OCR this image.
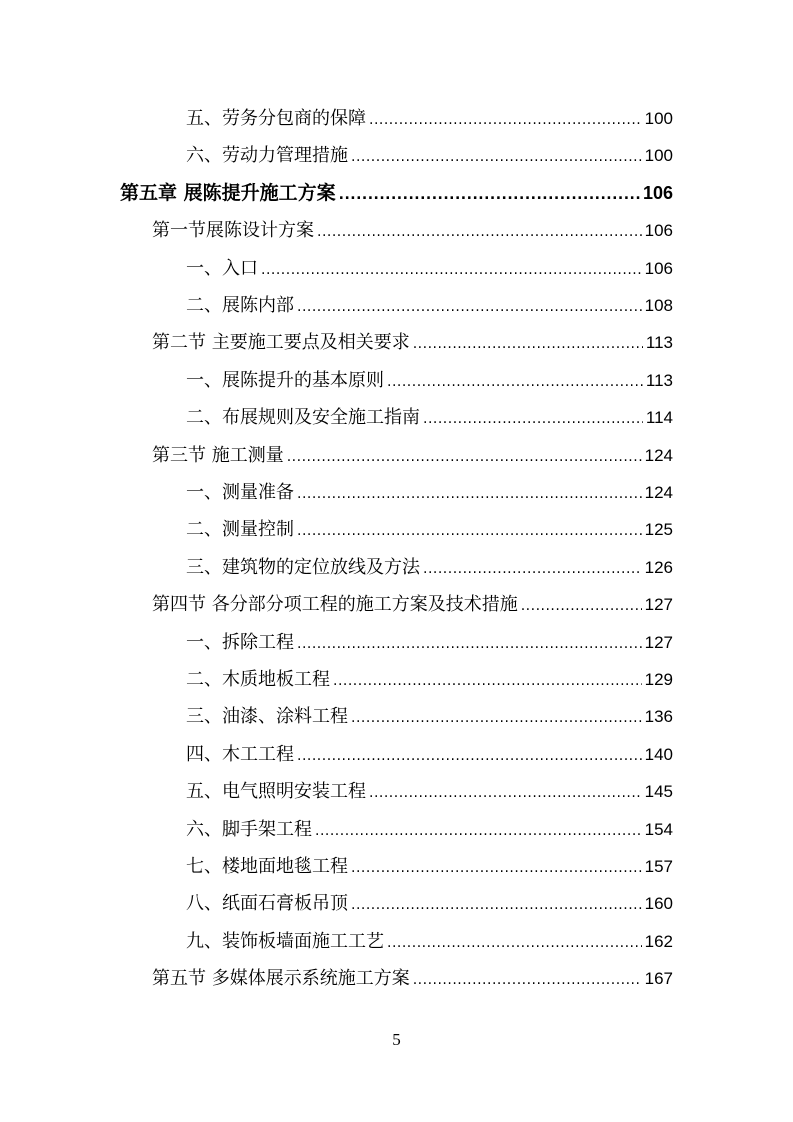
五、劳务分包商的保障 .....	100
六、劳动力管理措施 .....	100
第五章 展陈提升施工方案 .....	106
第一节展陈设计方案 .....	106
一、入口 .....	106
二、展陈内部 .....	108
第二节 主要施工要点及相关要求 .....	113
一、展陈提升的基本原则 .....	113
二、布展规则及安全施工指南 .....	114
第三节 施工测量 .....	124
一、测量准备 .....	124
二、测量控制 .....	125
三、建筑物的定位放线及方法 .....	126
第四节 各分部分项工程的施工方案及技术措施 .....	127
一、拆除工程 .....	127
二、木质地板工程 .....	129
三、油漆、涂料工程 .....	136
四、木工工程 .....	140
五、电气照明安装工程 .....	145
六、脚手架工程 .....	154
七、楼地面地毯工程 .....	157
八、纸面石膏板吊顶 .....	160
九、装饰板墙面施工工艺 .....	162
第五节 多媒体展示系统施工方案 .....	167
5
